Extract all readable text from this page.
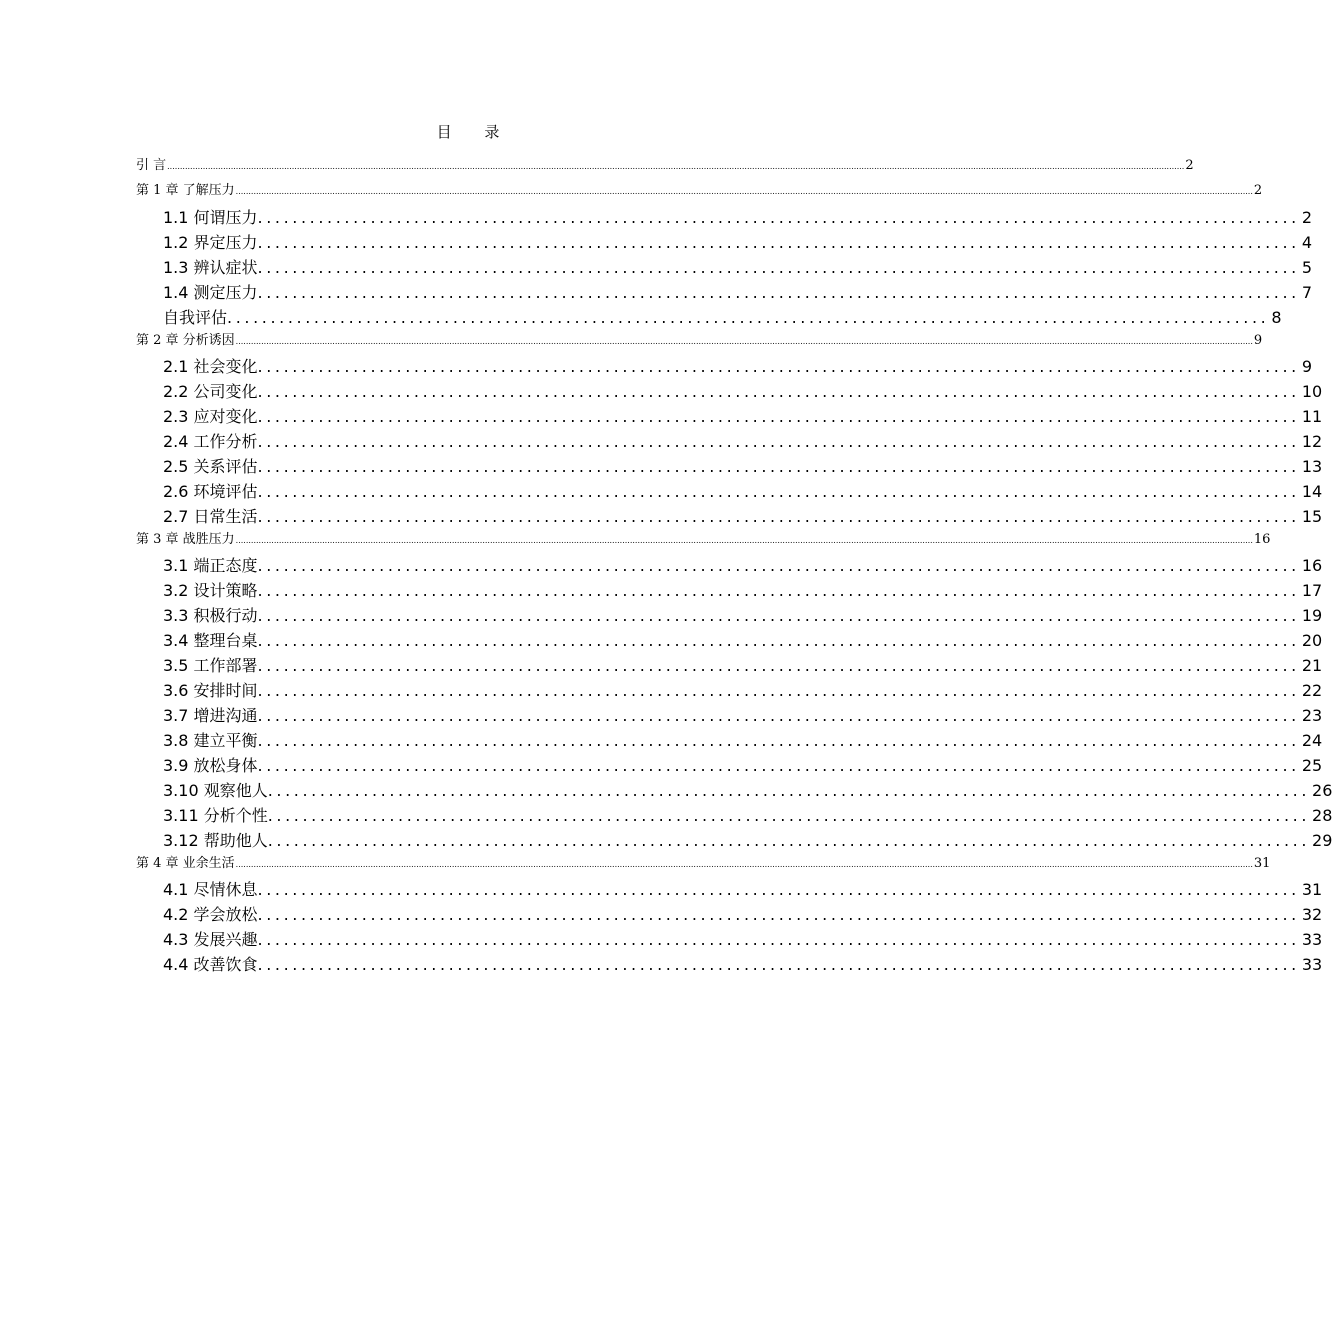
目 录
引 言 ................................................................................................................................................................................................................................................................................................................................................................................................................ 2
第 1 章 了解压力 ................................................................................................................................................................................................................................................................................................................................................................................................................ 2
1.1 何谓压力 ........................................................................................................................ 2
1.2 界定压力 ........................................................................................................................ 4
1.3 辨认症状 ........................................................................................................................ 5
1.4 测定压力 ........................................................................................................................ 7
自我评估 ........................................................................................................................ 8
第 2 章 分析诱因 ................................................................................................................................................................................................................................................................................................................................................................................................................ 9
2.1 社会变化 ........................................................................................................................ 9
2.2 公司变化 ........................................................................................................................ 10
2.3 应对变化 ........................................................................................................................ 11
2.4 工作分析 ........................................................................................................................ 12
2.5 关系评估 ........................................................................................................................ 13
2.6 环境评估 ........................................................................................................................ 14
2.7 日常生活 ........................................................................................................................ 15
第 3 章 战胜压力 ................................................................................................................................................................................................................................................................................................................................................................................................................ 16
3.1 端正态度 ........................................................................................................................ 16
3.2 设计策略 ........................................................................................................................ 17
3.3 积极行动 ........................................................................................................................ 19
3.4 整理台桌 ........................................................................................................................ 20
3.5 工作部署 ........................................................................................................................ 21
3.6 安排时间 ........................................................................................................................ 22
3.7 增进沟通 ........................................................................................................................ 23
3.8 建立平衡 ........................................................................................................................ 24
3.9 放松身体 ........................................................................................................................ 25
3.10 观察他人 ........................................................................................................................ 26
3.11 分析个性 ........................................................................................................................ 28
3.12 帮助他人 ........................................................................................................................ 29
第 4 章 业余生活 ................................................................................................................................................................................................................................................................................................................................................................................................................ 31
4.1 尽情休息 ........................................................................................................................ 31
4.2 学会放松 ........................................................................................................................ 32
4.3 发展兴趣 ........................................................................................................................ 33
4.4 改善饮食 ........................................................................................................................ 33
